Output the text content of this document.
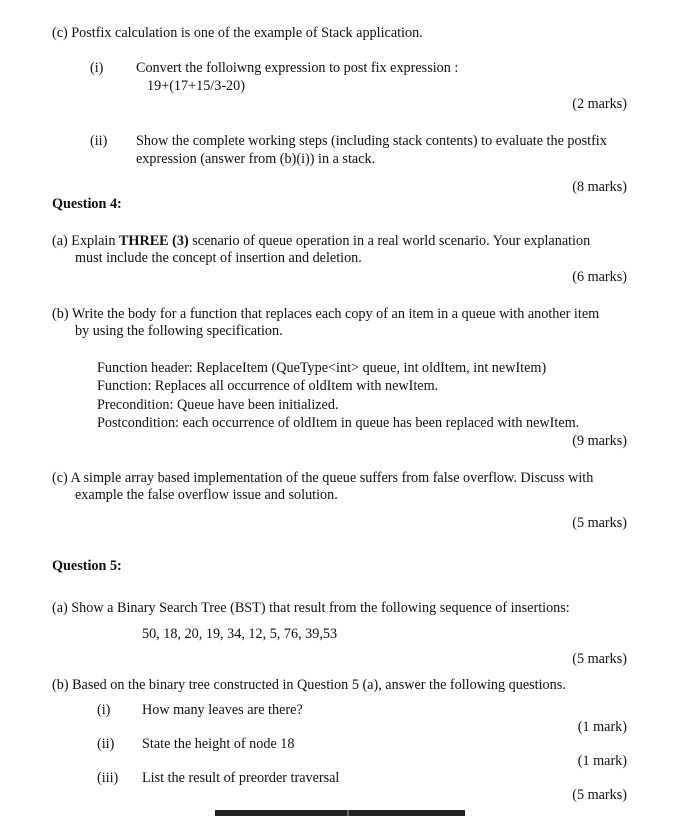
(c) Postfix calculation is one of the example of Stack application.
(i) Convert the folloiwng expression to post fix expression :
19+(17+15/3-20)
(2 marks)
(ii) Show the complete working steps (including stack contents) to evaluate the postfix
expression (answer from (b)(i)) in a stack.
(8 marks)
Question 4:
(a) Explain THREE (3) scenario of queue operation in a real world scenario. Your explanation
must include the concept of insertion and deletion.
(6 marks)
(b) Write the body for a function that replaces each copy of an item in a queue with another item
by using the following specification.
Function header: ReplaceItem (QueType<int> queue, int oldItem, int newItem)
Function: Replaces all occurrence of oldItem with newItem.
Precondition: Queue have been initialized.
Postcondition: each occurrence of oldItem in queue has been replaced with newItem.
(9 marks)
(c) A simple array based implementation of the queue suffers from false overflow. Discuss with
example the false overflow issue and solution.
(5 marks)
Question 5:
(a) Show a Binary Search Tree (BST) that result from the following sequence of insertions:
50, 18, 20, 19, 34, 12, 5, 76, 39,53
(5 marks)
(b) Based on the binary tree constructed in Question 5 (a), answer the following questions.
(i) How many leaves are there?
(1 mark)
(ii) State the height of node 18
(1 mark)
(iii) List the result of preorder traversal
(5 marks)
